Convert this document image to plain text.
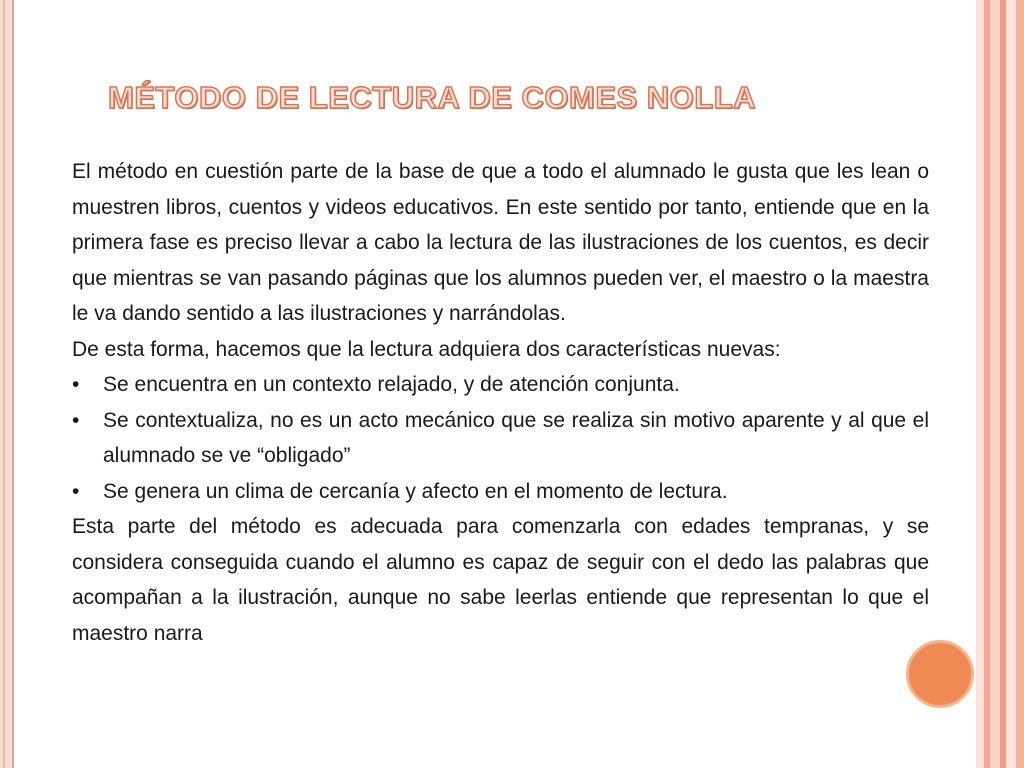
MÉTODO DE LECTURA DE COMES NOLLA

El método en cuestión parte de la base de que a todo el alumnado le gusta que les lean o muestren libros, cuentos y videos educativos. En este sentido por tanto, entiende que en la primera fase es preciso llevar a cabo la lectura de las ilustraciones de los cuentos, es decir que mientras se van pasando páginas que los alumnos pueden ver, el maestro o la maestra le va dando sentido a las ilustraciones y narrándolas.

De esta forma, hacemos que la lectura adquiera dos características nuevas:

• Se encuentra en un contexto relajado, y de atención conjunta.
• Se contextualiza, no es un acto mecánico que se realiza sin motivo aparente y al que el alumnado se ve “obligado”
• Se genera un clima de cercanía y afecto en el momento de lectura.

Esta parte del método es adecuada para comenzarla con edades tempranas, y se considera conseguida cuando el alumno es capaz de seguir con el dedo las palabras que acompañan a la ilustración, aunque no sabe leerlas entiende que representan lo que el maestro narra
